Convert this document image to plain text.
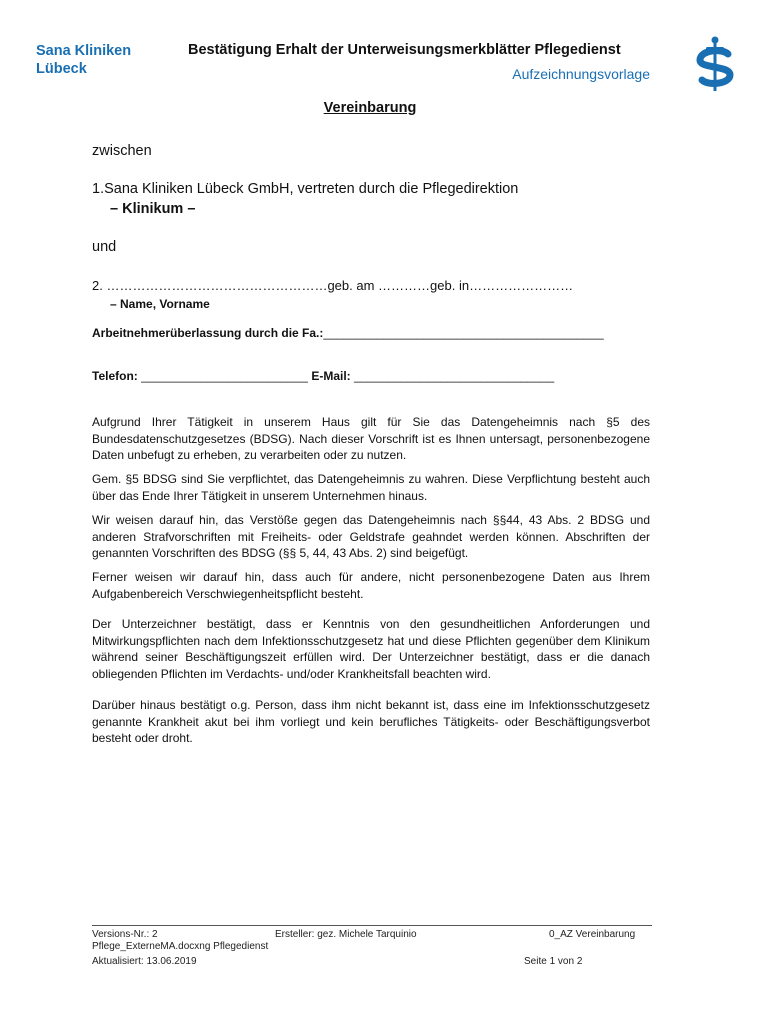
Sana Kliniken
Lübeck
Bestätigung Erhalt der Unterweisungsmerkblätter Pflegedienst
Aufzeichnungsvorlage
Vereinbarung
zwischen
1.Sana Kliniken Lübeck GmbH, vertreten durch die Pflegedirektion
– Klinikum –
und
2. ……………………………………………geb. am …………geb. in……………………
– Name, Vorname
Arbeitnehmerüberlassung durch die Fa.:__________________________________________
Telefon: _________________________ E-Mail: ______________________________
Aufgrund Ihrer Tätigkeit in unserem Haus gilt für Sie das Datengeheimnis nach §5 des Bundesdatenschutzgesetzes (BDSG). Nach dieser Vorschrift ist es Ihnen untersagt, personenbezogene Daten unbefugt zu erheben, zu verarbeiten oder zu nutzen.
Gem. §5 BDSG sind Sie verpflichtet, das Datengeheimnis zu wahren. Diese Verpflichtung besteht auch über das Ende Ihrer Tätigkeit in unserem Unternehmen hinaus.
Wir weisen darauf hin, das Verstöße gegen das Datengeheimnis nach §§44, 43 Abs. 2 BDSG und anderen Strafvorschriften mit Freiheits- oder Geldstrafe geahndet werden können. Abschriften der genannten Vorschriften des BDSG (§§ 5, 44, 43 Abs. 2) sind beigefügt.
Ferner weisen wir darauf hin, dass auch für andere, nicht personenbezogene Daten aus Ihrem Aufgabenbereich Verschwiegenheitspflicht besteht.
Der Unterzeichner bestätigt, dass er Kenntnis von den gesundheitlichen Anforderungen und Mitwirkungspflichten nach dem Infektionsschutzgesetz hat und diese Pflichten gegenüber dem Klinikum während seiner Beschäftigungszeit erfüllen wird. Der Unterzeichner bestätigt, dass er die danach obliegenden Pflichten im Verdachts- und/oder Krankheitsfall beachten wird.
Darüber hinaus bestätigt o.g. Person, dass ihm nicht bekannt ist, dass eine im Infektionsschutzgesetz genannte Krankheit akut bei ihm vorliegt und kein berufliches Tätigkeits- oder Beschäftigungsverbot besteht oder droht.
Versions-Nr.: 2
Pflege_ExterneMA.docxng Pflegedienst
Aktualisiert: 13.06.2019
Ersteller: gez. Michele Tarquinio	0_AZ Vereinbarung
Seite 1 von 2
